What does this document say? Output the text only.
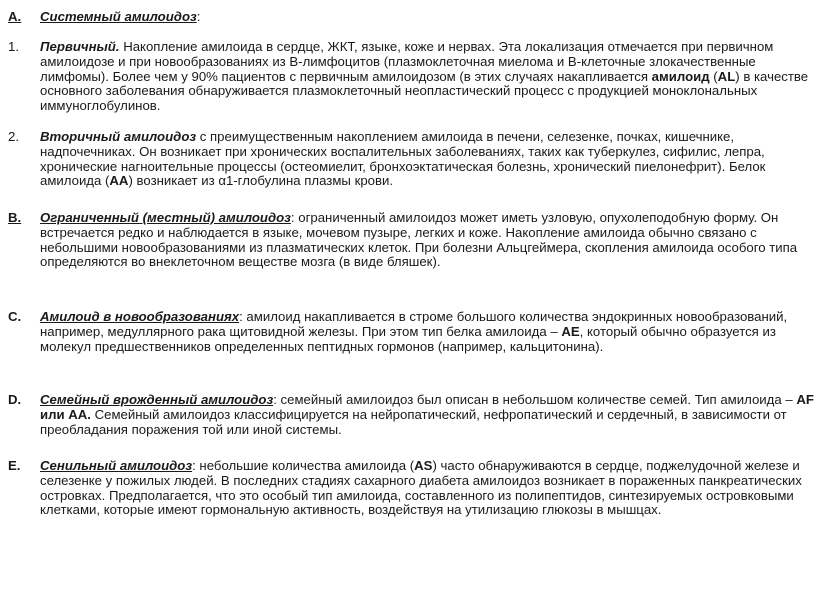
А. Системный амилоидоз:

1. Первичный. Накопление амилоида в сердце, ЖКТ, языке, коже и нервах. Эта локализация отмечается при первичном амилоидозе и при новообразованиях из В-лимфоцитов (плазмоклеточная миелома и В-клеточные злокачественные лимфомы). Более чем у 90% пациентов с первичным амилоидозом (в этих случаях накапливается амилоид (AL) в качестве основного заболевания обнаруживается плазмоклеточный неопластический процесс с продукцией моноклональных иммуноглобулинов.

2. Вторичный амилоидоз с преимущественным накоплением амилоида в печени, селезенке, почках, кишечнике, надпочечниках. Он возникает при хронических воспалительных заболеваниях, таких как туберкулез, сифилис, лепра, хронические нагноительные процессы (остеомиелит, бронхоэктатическая болезнь, хронический пиелонефрит). Белок амилоида (АА) возникает из α1-глобулина плазмы крови.

В. Ограниченный (местный) амилоидоз: ограниченный амилоидоз может иметь узловую, опухолеподобную форму. Он встречается редко и наблюдается в языке, мочевом пузыре, легких и коже. Накопление амилоида обычно связано с небольшими новообразованиями из плазматических клеток. При болезни Альцгеймера, скопления амилоида особого типа определяются во внеклеточном веществе мозга (в виде бляшек).

С. Амилоид в новообразованиях: амилоид накапливается в строме большого количества эндокринных новообразований, например, медуллярного рака щитовидной железы. При этом тип белка амилоида – AE, который обычно образуется из молекул предшественников определенных пептидных гормонов (например, кальцитонина).

D. Семейный врожденный амилоидоз: семейный амилоидоз был описан в небольшом количестве семей. Тип амилоида – AF или АА. Семейный амилоидоз классифицируется на нейропатический, нефропатический и сердечный, в зависимости от преобладания поражения той или иной системы.

Е. Сенильный амилоидоз: небольшие количества амилоида (AS) часто обнаруживаются в сердце, поджелудочной железе и селезенке у пожилых людей. В последних стадиях сахарного диабета амилоидоз возникает в пораженных панкреатических островках. Предполагается, что это особый тип амилоида, составленного из полипептидов, синтезируемых островковыми клетками, которые имеют гормональную активность, воздействуя на утилизацию глюкозы в мышцах.
